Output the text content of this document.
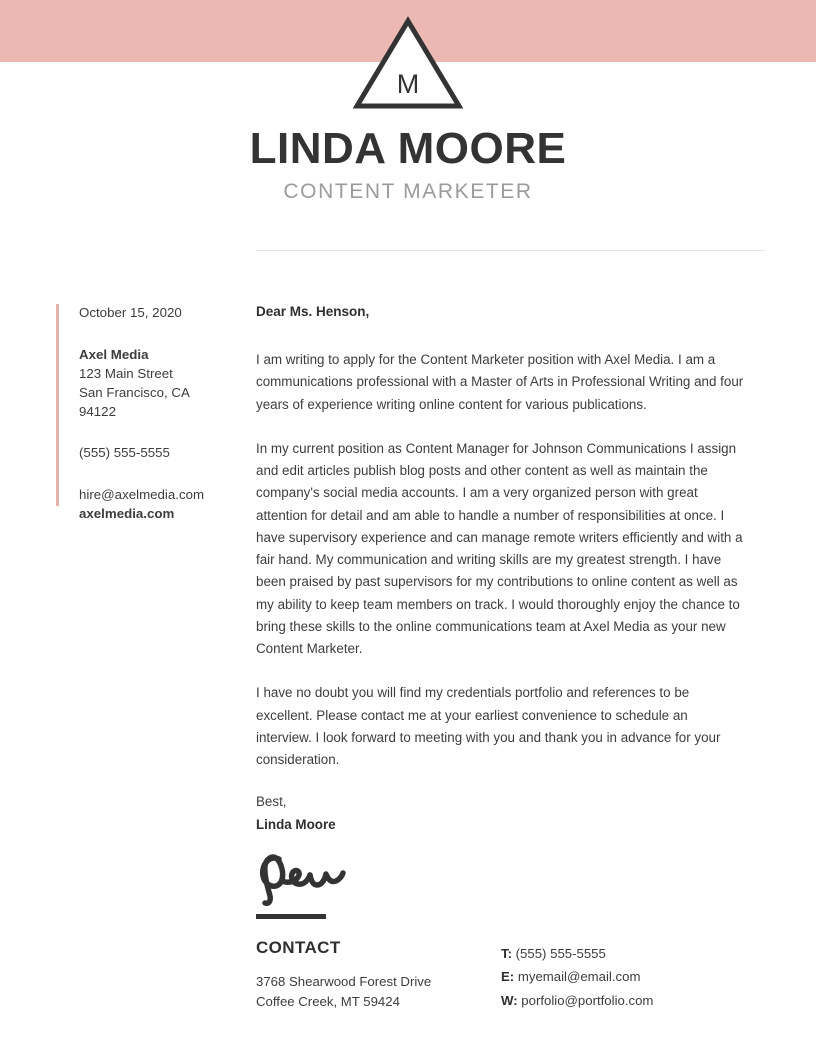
M
LINDA MOORE

CONTENT MARKETER

October 15, 2020

Axel Media
123 Main Street
San Francisco, CA
94122

(555) 555-5555

hire@axelmedia.com
axelmedia.com

Dear Ms. Henson,

I am writing to apply for the Content Marketer position with Axel Media. I am a communications professional with a Master of Arts in Professional Writing and four years of experience writing online content for various publications.

In my current position as Content Manager for Johnson Communications I assign and edit articles publish blog posts and other content as well as maintain the company's social media accounts. I am a very organized person with great attention for detail and am able to handle a number of responsibilities at once. I have supervisory experience and can manage remote writers efficiently and with a fair hand. My communication and writing skills are my greatest strength. I have been praised by past supervisors for my contributions to online content as well as my ability to keep team members on track. I would thoroughly enjoy the chance to bring these skills to the online communications team at Axel Media as your new Content Marketer.

I have no doubt you will find my credentials portfolio and references to be excellent. Please contact me at your earliest convenience to schedule an interview. I look forward to meeting with you and thank you in advance for your consideration.

Best,
Linda Moore
CONTACT

3768 Shearwood Forest Drive
Coffee Creek, MT 59424

T: (555) 555-5555
E: myemail@email.com
W: porfolio@portfolio.com
